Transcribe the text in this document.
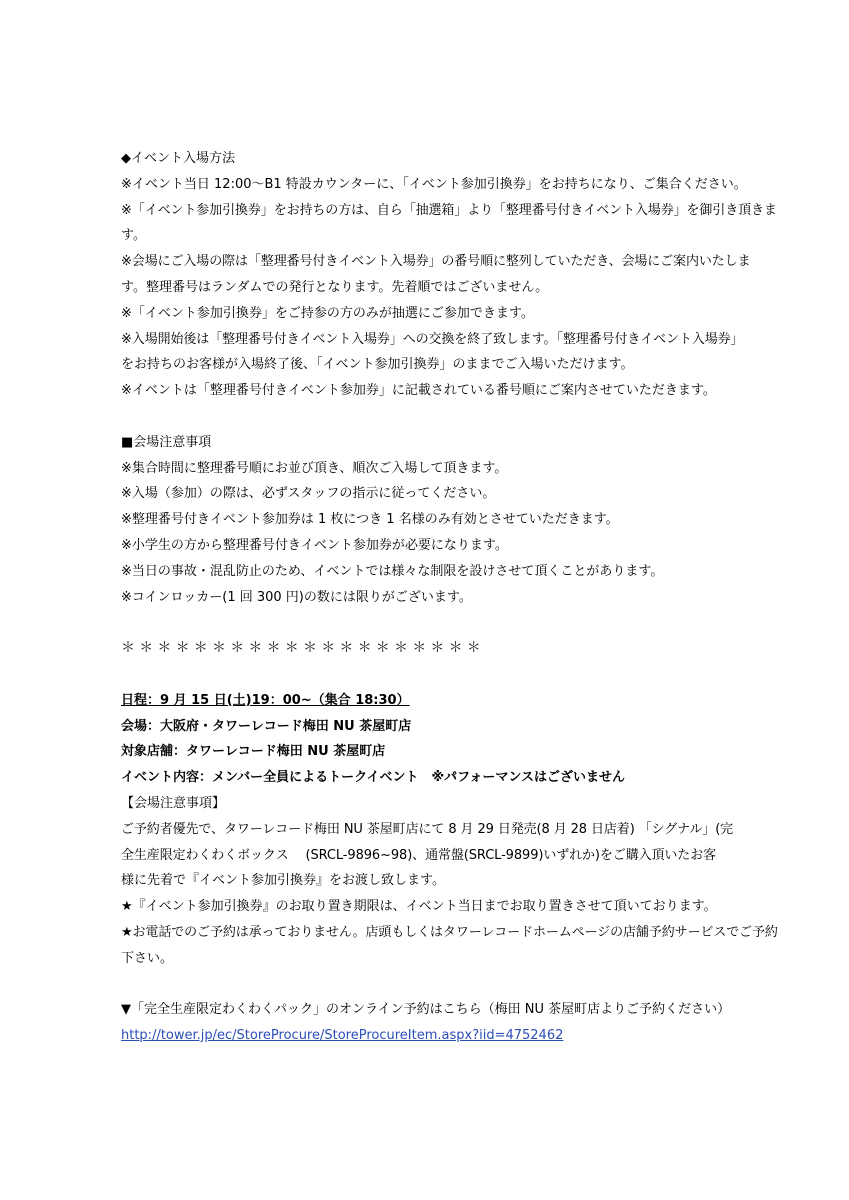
◆イベント入場方法
※イベント当日 12:00～B1 特設カウンターに、「イベント参加引換券」をお持ちになり、ご集合ください。
※「イベント参加引換券」をお持ちの方は、自ら「抽選箱」より「整理番号付きイベント入場券」を御引き頂きま
す。
※会場にご入場の際は「整理番号付きイベント入場券」の番号順に整列していただき、会場にご案内いたしま
す。整理番号はランダムでの発行となります。先着順ではございません。
※「イベント参加引換券」をご持参の方のみが抽選にご参加できます。
※入場開始後は「整理番号付きイベント入場券」への交換を終了致します。「整理番号付きイベント入場券」
をお持ちのお客様が入場終了後、「イベント参加引換券」のままでご入場いただけます。
※イベントは「整理番号付きイベント参加券」に記載されている番号順にご案内させていただきます。
■会場注意事項
※集合時間に整理番号順にお並び頂き、順次ご入場して頂きます。
※入場（参加）の際は、必ずスタッフの指示に従ってください。
※整理番号付きイベント参加券は 1 枚につき 1 名様のみ有効とさせていただきます。
※小学生の方から整理番号付きイベント参加券が必要になります。
※当日の事故・混乱防止のため、イベントでは様々な制限を設けさせて頂くことがあります。
※コインロッカー(1 回 300 円)の数には限りがございます。
＊＊＊＊＊＊＊＊＊＊＊＊＊＊＊＊＊＊＊＊
日程：9 月 15 日(土)19：00~（集合 18:30）
会場：大阪府・タワーレコード梅田 NU 茶屋町店
対象店舗：タワーレコード梅田 NU 茶屋町店
イベント内容：メンバー全員によるトークイベント　※パフォーマンスはございません
【会場注意事項】
ご予約者優先で、タワーレコード梅田 NU 茶屋町店にて 8 月 29 日発売(8 月 28 日店着) 「シグナル」(完
全生産限定わくわくボックス　 (SRCL-9896~98)、通常盤(SRCL-9899)いずれか)をご購入頂いたお客
様に先着で『イベント参加引換券』をお渡し致します。
★『イベント参加引換券』のお取り置き期限は、イベント当日までお取り置きさせて頂いております。
★お電話でのご予約は承っておりません。店頭もしくはタワーレコードホームページの店舗予約サービスでご予約
下さい。
▼「完全生産限定わくわくパック」のオンライン予約はこちら（梅田 NU 茶屋町店よりご予約ください）
http://tower.jp/ec/StoreProcure/StoreProcureItem.aspx?iid=4752462
